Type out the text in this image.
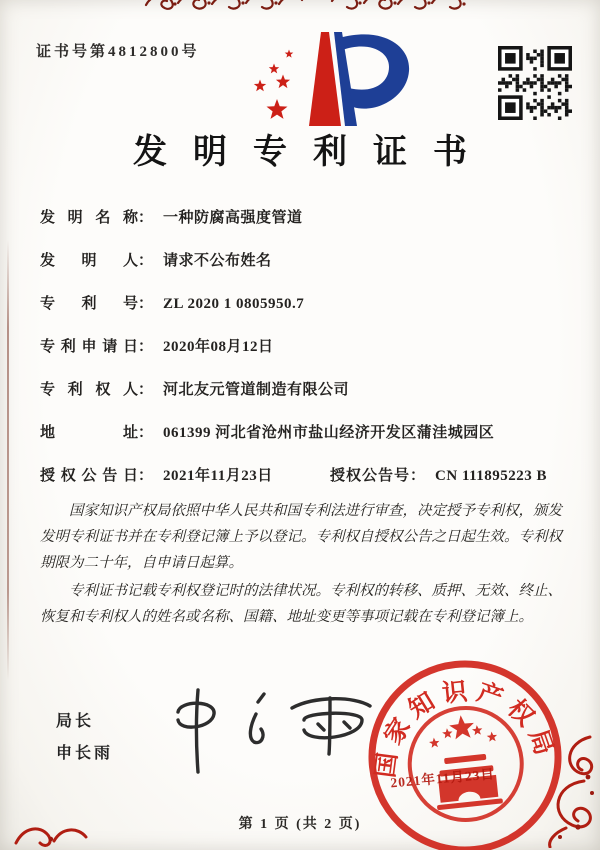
证书号第4812800号
发明专利证书
发明名称 ： 一种防腐高强度管道
发明人 ： 请求不公布姓名
专利号 ： ZL 2020 1 0805950.7
专利申请日 ： 2020年08月12日
专利权人 ： 河北友元管道制造有限公司
地址 ： 061399 河北省沧州市盐山经济开发区蒲洼城园区
授权公告日 ： 2021年11月23日	授权公告号 ： CN 111895223 B

国家知识产权局依照中华人民共和国专利法进行审查，决定授予专利权，颁发发明专利证书并在专利登记簿上予以登记。专利权自授权公告之日起生效。专利权期限为二十年，自申请日起算。

专利证书记载专利权登记时的法律状况。专利权的转移、质押、无效、终止、恢复和专利权人的姓名或名称、国籍、地址变更等事项记载在专利登记簿上。

局长
申长雨	国家知识产权局
2021年11月23日
第 1 页 (共 2 页)
